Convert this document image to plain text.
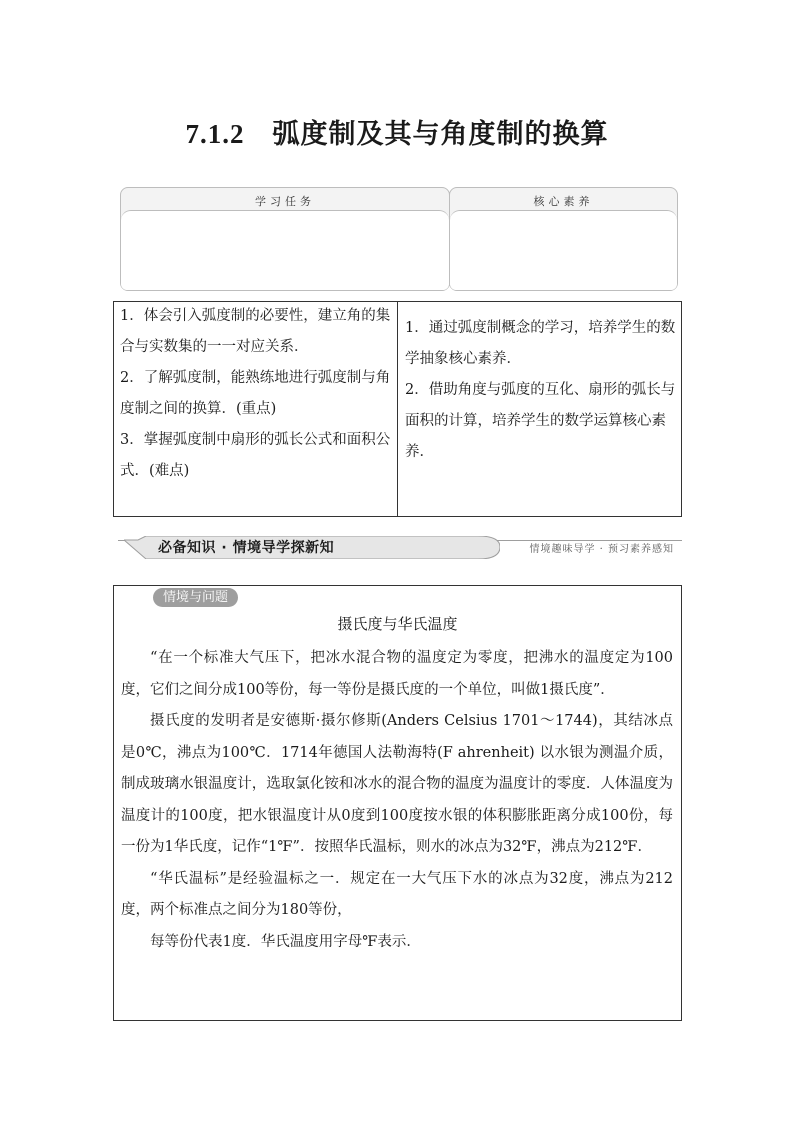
7.1.2 弧度制及其与角度制的换算
学习任务	核心素养

1．体会引入弧度制的必要性，建立角的集合与实数集的一一对应关系．

2．了解弧度制，能熟练地进行弧度制与角度制之间的换算．(重点)

3．掌握弧度制中扇形的弧长公式和面积公式．(难点)

1．通过弧度制概念的学习，培养学生的数学抽象核心素养．

2．借助角度与弧度的互化、扇形的弧长与面积的计算，培养学生的数学运算核心素养．

必备知识 · 情境导学探新知	情境趣味导学 · 预习素养感知
情境与问题
摄氏度与华氏温度

“在一个标准大气压下，把冰水混合物的温度定为零度，把沸水的温度定为100度，它们之间分成100等份，每一等份是摄氏度的一个单位，叫做1摄氏度”．

摄氏度的发明者是安德斯·摄尔修斯(Anders Celsius 1701～1744)，其结冰点是0℃，沸点为100℃．1714年德国人法勒海特(F ahrenheit) 以水银为测温介质，制成玻璃水银温度计，选取氯化铵和冰水的混合物的温度为温度计的零度．人体温度为温度计的100度，把水银温度计从0度到100度按水银的体积膨胀距离分成100份，每一份为1华氏度，记作“1℉”．按照华氏温标，则水的冰点为32℉，沸点为212℉．

“华氏温标”是经验温标之一．规定在一大气压下水的冰点为32度，沸点为212度，两个标准点之间分为180等份，

每等份代表1度．华氏温度用字母℉表示．
